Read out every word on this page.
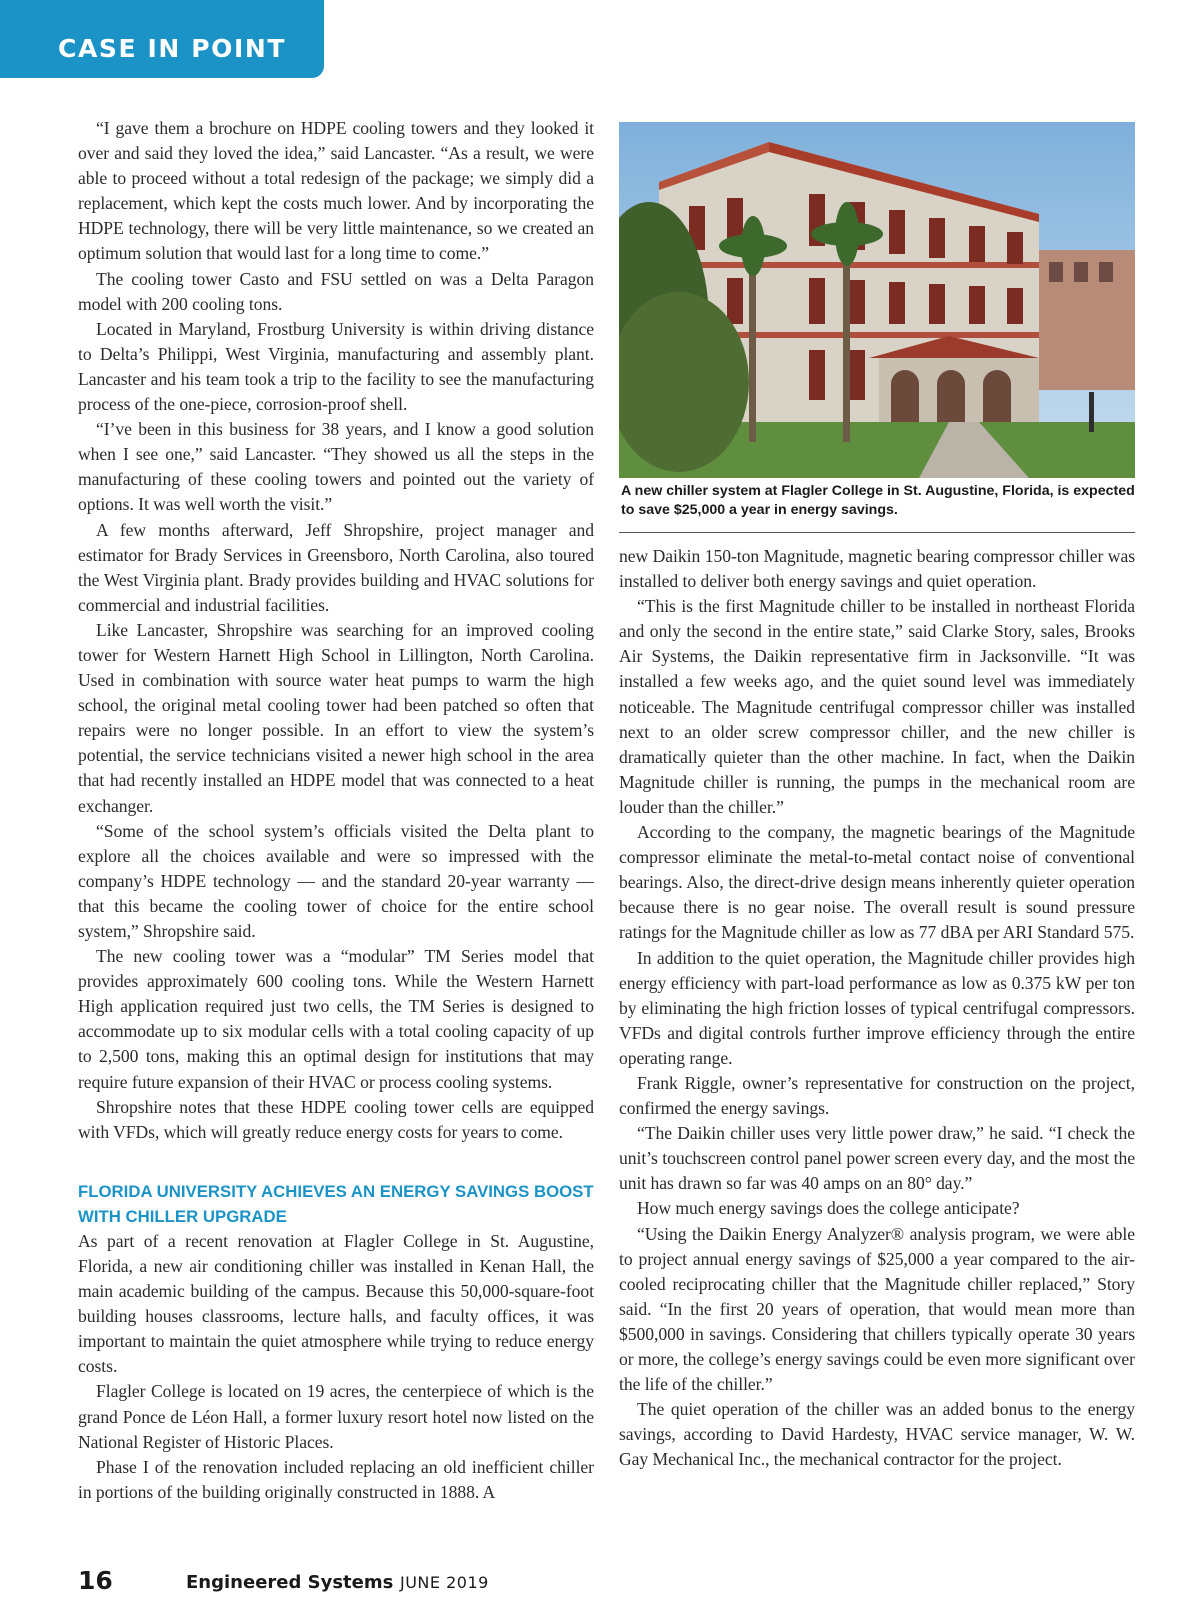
CASE IN POINT

“I gave them a brochure on HDPE cooling towers and they looked it over and said they loved the idea,” said Lancaster. “As a result, we were able to proceed without a total redesign of the package; we simply did a replacement, which kept the costs much lower. And by incorporating the HDPE technology, there will be very little maintenance, so we created an optimum solution that would last for a long time to come.”

The cooling tower Casto and FSU settled on was a Delta Paragon model with 200 cooling tons.

Located in Maryland, Frostburg University is within driving distance to Delta’s Philippi, West Virginia, manufacturing and assembly plant. Lancaster and his team took a trip to the facility to see the manufacturing process of the one-piece, corrosion-proof shell.

“I’ve been in this business for 38 years, and I know a good solution when I see one,” said Lancaster. “They showed us all the steps in the manufacturing of these cooling towers and pointed out the variety of options. It was well worth the visit.”

A few months afterward, Jeff Shropshire, project manager and estimator for Brady Services in Greensboro, North Carolina, also toured the West Virginia plant. Brady provides building and HVAC solutions for commercial and industrial facilities.

Like Lancaster, Shropshire was searching for an improved cooling tower for Western Harnett High School in Lillington, North Carolina. Used in combination with source water heat pumps to warm the high school, the original metal cooling tower had been patched so often that repairs were no longer possible. In an effort to view the system’s potential, the service technicians visited a newer high school in the area that had recently installed an HDPE model that was connected to a heat exchanger.

“Some of the school system’s officials visited the Delta plant to explore all the choices available and were so impressed with the company’s HDPE technology — and the standard 20-year warranty — that this became the cooling tower of choice for the entire school system,” Shropshire said.

The new cooling tower was a “modular” TM Series model that provides approximately 600 cooling tons. While the Western Harnett High application required just two cells, the TM Series is designed to accommodate up to six modular cells with a total cooling capacity of up to 2,500 tons, making this an optimal design for institutions that may require future expansion of their HVAC or process cooling systems.

Shropshire notes that these HDPE cooling tower cells are equipped with VFDs, which will greatly reduce energy costs for years to come.

FLORIDA UNIVERSITY ACHIEVES AN ENERGY SAVINGS BOOST WITH CHILLER UPGRADE

As part of a recent renovation at Flagler College in St. Augustine, Florida, a new air conditioning chiller was installed in Kenan Hall, the main academic building of the campus. Because this 50,000-square-foot building houses classrooms, lecture halls, and faculty offices, it was important to maintain the quiet atmosphere while trying to reduce energy costs.

Flagler College is located on 19 acres, the centerpiece of which is the grand Ponce de Léon Hall, a former luxury resort hotel now listed on the National Register of Historic Places.

Phase I of the renovation included replacing an old inefficient chiller in portions of the building originally constructed in 1888. A

A new chiller system at Flagler College in St. Augustine, Florida, is expected to save $25,000 a year in energy savings.

new Daikin 150-ton Magnitude, magnetic bearing compressor chiller was installed to deliver both energy savings and quiet operation.

“This is the first Magnitude chiller to be installed in northeast Florida and only the second in the entire state,” said Clarke Story, sales, Brooks Air Systems, the Daikin representative firm in Jacksonville. “It was installed a few weeks ago, and the quiet sound level was immediately noticeable. The Magnitude centrifugal compressor chiller was installed next to an older screw compressor chiller, and the new chiller is dramatically quieter than the other machine. In fact, when the Daikin Magnitude chiller is running, the pumps in the mechanical room are louder than the chiller.”

According to the company, the magnetic bearings of the Magnitude compressor eliminate the metal-to-metal contact noise of conventional bearings. Also, the direct-drive design means inherently quieter operation because there is no gear noise. The overall result is sound pressure ratings for the Magnitude chiller as low as 77 dBA per ARI Standard 575.

In addition to the quiet operation, the Magnitude chiller provides high energy efficiency with part-load performance as low as 0.375 kW per ton by eliminating the high friction losses of typical centrifugal compressors. VFDs and digital controls further improve efficiency through the entire operating range.

Frank Riggle, owner’s representative for construction on the project, confirmed the energy savings.

“The Daikin chiller uses very little power draw,” he said. “I check the unit’s touchscreen control panel power screen every day, and the most the unit has drawn so far was 40 amps on an 80° day.”

How much energy savings does the college anticipate?

“Using the Daikin Energy Analyzer® analysis program, we were able to project annual energy savings of $25,000 a year compared to the air-cooled reciprocating chiller that the Magnitude chiller replaced,” Story said. “In the first 20 years of operation, that would mean more than $500,000 in savings. Considering that chillers typically operate 30 years or more, the college’s energy savings could be even more significant over the life of the chiller.”

The quiet operation of the chiller was an added bonus to the energy savings, according to David Hardesty, HVAC service manager, W. W. Gay Mechanical Inc., the mechanical contractor for the project.

16	Engineered Systems JUNE 2019
